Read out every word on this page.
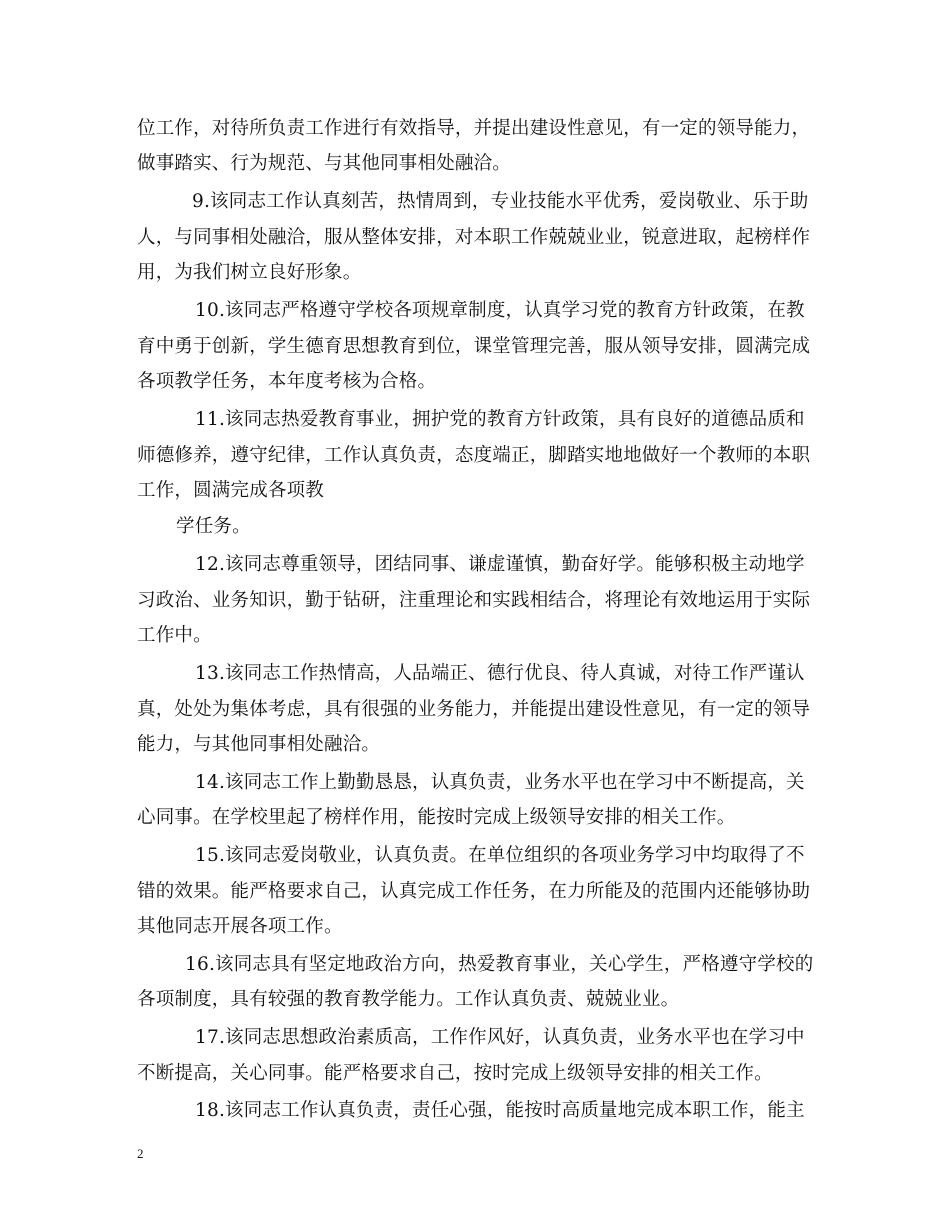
位工作，对待所负责工作进行有效指导，并提出建设性意见，有一定的领导能力，
做事踏实、行为规范、与其他同事相处融洽。
9.该同志工作认真刻苦，热情周到，专业技能水平优秀，爱岗敬业、乐于助
人，与同事相处融洽，服从整体安排，对本职工作兢兢业业，锐意进取，起榜样作
用，为我们树立良好形象。
10.该同志严格遵守学校各项规章制度，认真学习党的教育方针政策，在教
育中勇于创新，学生德育思想教育到位，课堂管理完善，服从领导安排，圆满完成
各项教学任务，本年度考核为合格。
11.该同志热爱教育事业，拥护党的教育方针政策，具有良好的道德品质和
师德修养，遵守纪律，工作认真负责，态度端正，脚踏实地地做好一个教师的本职
工作，圆满完成各项教
学任务。
12.该同志尊重领导，团结同事、谦虚谨慎，勤奋好学。能够积极主动地学
习政治、业务知识，勤于钻研，注重理论和实践相结合，将理论有效地运用于实际
工作中。
13.该同志工作热情高，人品端正、德行优良、待人真诚，对待工作严谨认
真，处处为集体考虑，具有很强的业务能力，并能提出建设性意见，有一定的领导
能力，与其他同事相处融洽。
14.该同志工作上勤勤恳恳，认真负责，业务水平也在学习中不断提高，关
心同事。在学校里起了榜样作用，能按时完成上级领导安排的相关工作。
15.该同志爱岗敬业，认真负责。在单位组织的各项业务学习中均取得了不
错的效果。能严格要求自己，认真完成工作任务，在力所能及的范围内还能够协助
其他同志开展各项工作。
16.该同志具有坚定地政治方向，热爱教育事业，关心学生，严格遵守学校的
各项制度，具有较强的教育教学能力。工作认真负责、兢兢业业。
17.该同志思想政治素质高，工作作风好，认真负责，业务水平也在学习中
不断提高，关心同事。能严格要求自己，按时完成上级领导安排的相关工作。
18.该同志工作认真负责，责任心强，能按时高质量地完成本职工作，能主
2
